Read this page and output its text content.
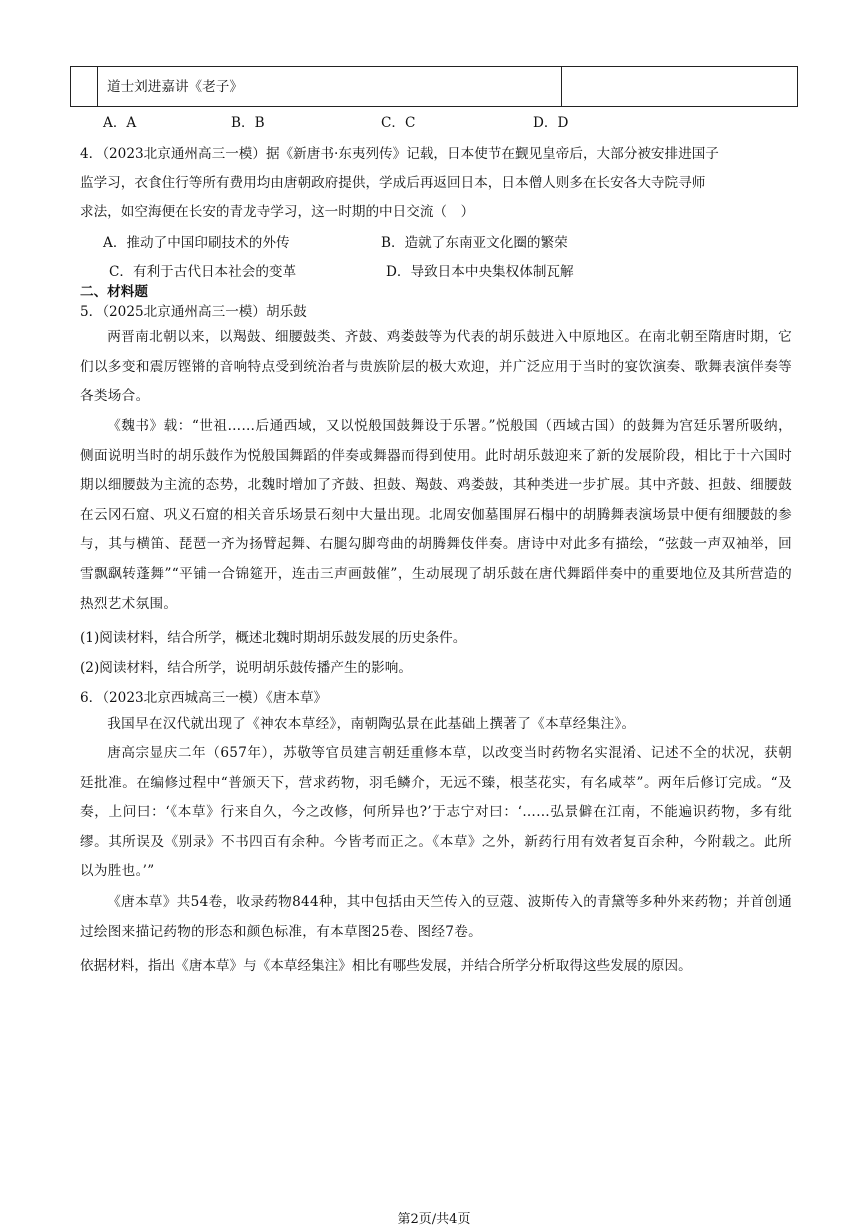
道士刘进嘉讲《老子》
A．A	B．B	C．C	D．D
4．（2023北京通州高三一模）据《新唐书·东夷列传》记载，日本使节在觐见皇帝后，大部分被安排进国子
监学习，衣食住行等所有费用均由唐朝政府提供，学成后再返回日本，日本僧人则多在长安各大寺院寻师
求法，如空海便在长安的青龙寺学习，这一时期的中日交流（　）
A．推动了中国印刷技术的外传	B．造就了东南亚文化圈的繁荣
C．有利于古代日本社会的变革	D．导致日本中央集权体制瓦解
二、材料题
5．（2025北京通州高三一模）胡乐鼓
两晋南北朝以来，以羯鼓、细腰鼓类、齐鼓、鸡娄鼓等为代表的胡乐鼓进入中原地区。在南北朝至隋唐时期，它们以多变和震厉铿锵的音响特点受到统治者与贵族阶层的极大欢迎，并广泛应用于当时的宴饮演奏、歌舞表演伴奏等各类场合。
《魏书》载：“世祖……后通西域，又以悦般国鼓舞设于乐署。”悦般国（西域古国）的鼓舞为宫廷乐署所吸纳，侧面说明当时的胡乐鼓作为悦般国舞蹈的伴奏或舞器而得到使用。此时胡乐鼓迎来了新的发展阶段，相比于十六国时期以细腰鼓为主流的态势，北魏时增加了齐鼓、担鼓、羯鼓、鸡娄鼓，其种类进一步扩展。其中齐鼓、担鼓、细腰鼓在云冈石窟、巩义石窟的相关音乐场景石刻中大量出现。北周安伽墓围屏石榻中的胡腾舞表演场景中便有细腰鼓的参与，其与横笛、琵琶一齐为扬臂起舞、右腿勾脚弯曲的胡腾舞伎伴奏。唐诗中对此多有描绘，“弦鼓一声双袖举，回雪飘飖转蓬舞”“平铺一合锦筵开，连击三声画鼓催”，生动展现了胡乐鼓在唐代舞蹈伴奏中的重要地位及其所营造的热烈艺术氛围。
(1)阅读材料，结合所学，概述北魏时期胡乐鼓发展的历史条件。
(2)阅读材料，结合所学，说明胡乐鼓传播产生的影响。
6．（2023北京西城高三一模）《唐本草》
我国早在汉代就出现了《神农本草经》，南朝陶弘景在此基础上撰著了《本草经集注》。
唐高宗显庆二年（657年），苏敬等官员建言朝廷重修本草，以改变当时药物名实混淆、记述不全的状况，获朝廷批准。在编修过程中“普颁天下，营求药物，羽毛鳞介，无远不臻，根茎花实，有名咸萃”。两年后修订完成。“及奏，上问曰：‘《本草》行来自久，今之改修，何所异也?’于志宁对曰：‘……弘景僻在江南，不能遍识药物，多有纰缪。其所误及《别录》不书四百有余种。今皆考而正之。《本草》之外，新药行用有效者复百余种，今附载之。此所以为胜也。’”
《唐本草》共54卷，收录药物844种，其中包括由天竺传入的豆蔻、波斯传入的青黛等多种外来药物；并首创通过绘图来描记药物的形态和颜色标准，有本草图25卷、图经7卷。
依据材料，指出《唐本草》与《本草经集注》相比有哪些发展，并结合所学分析取得这些发展的原因。
第2页/共4页
